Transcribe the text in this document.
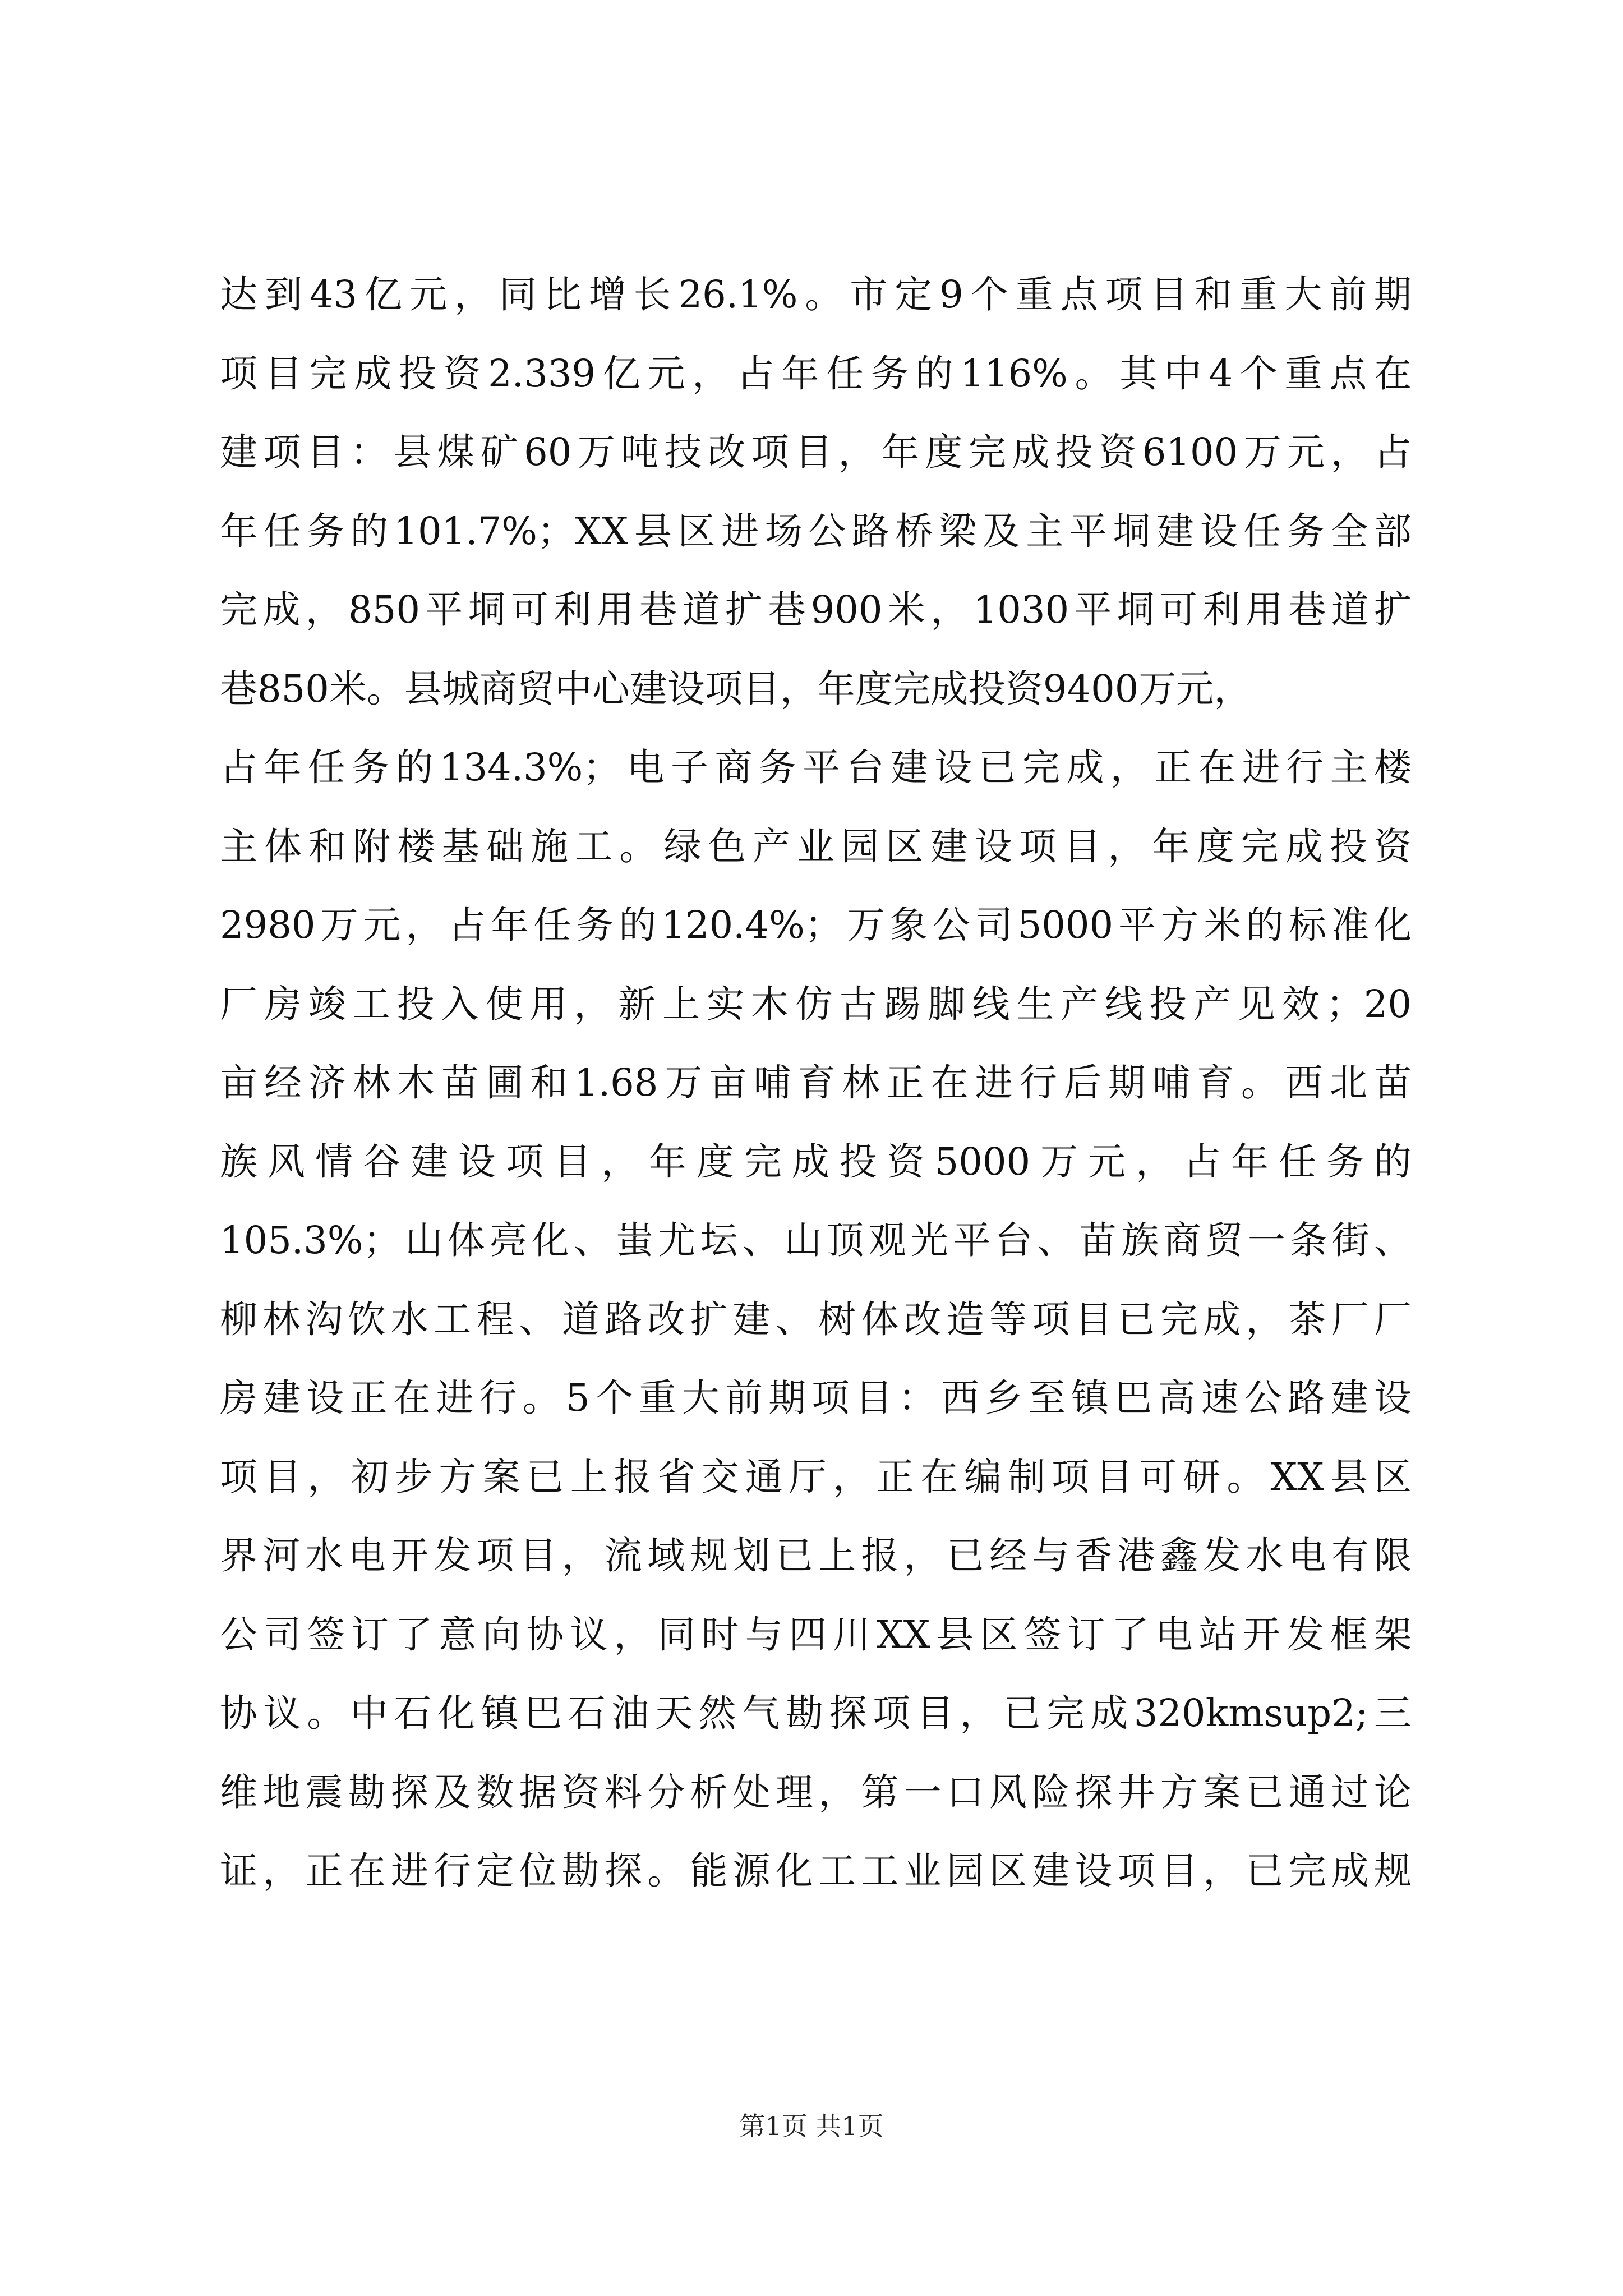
达到43亿元，同比增长26.1%。市定9个重点项目和重大前期
项目完成投资2.339亿元，占年任务的116%。其中4个重点在
建项目：县煤矿60万吨技改项目，年度完成投资6100万元，占
年任务的101.7%；XX县区进场公路桥梁及主平垌建设任务全部
完成，850平垌可利用巷道扩巷900米，1030平垌可利用巷道扩
巷850米。县城商贸中心建设项目，年度完成投资9400万元，
占年任务的134.3%；电子商务平台建设已完成，正在进行主楼
主体和附楼基础施工。绿色产业园区建设项目，年度完成投资
2980万元，占年任务的120.4%；万象公司5000平方米的标准化
厂房竣工投入使用，新上实木仿古踢脚线生产线投产见效；20
亩经济林木苗圃和1.68万亩哺育林正在进行后期哺育。西北苗
族风情谷建设项目，年度完成投资5000万元，占年任务的
105.3%；山体亮化、蚩尤坛、山顶观光平台、苗族商贸一条街、
柳林沟饮水工程、道路改扩建、树体改造等项目已完成，茶厂厂
房建设正在进行。5个重大前期项目：西乡至镇巴高速公路建设
项目，初步方案已上报省交通厅，正在编制项目可研。XX县区
界河水电开发项目，流域规划已上报，已经与香港鑫发水电有限
公司签订了意向协议，同时与四川XX县区签订了电站开发框架
协议。中石化镇巴石油天然气勘探项目，已完成320kmsup2;三
维地震勘探及数据资料分析处理，第一口风险探井方案已通过论
证，正在进行定位勘探。能源化工工业园区建设项目，已完成规
第1页 共1页
